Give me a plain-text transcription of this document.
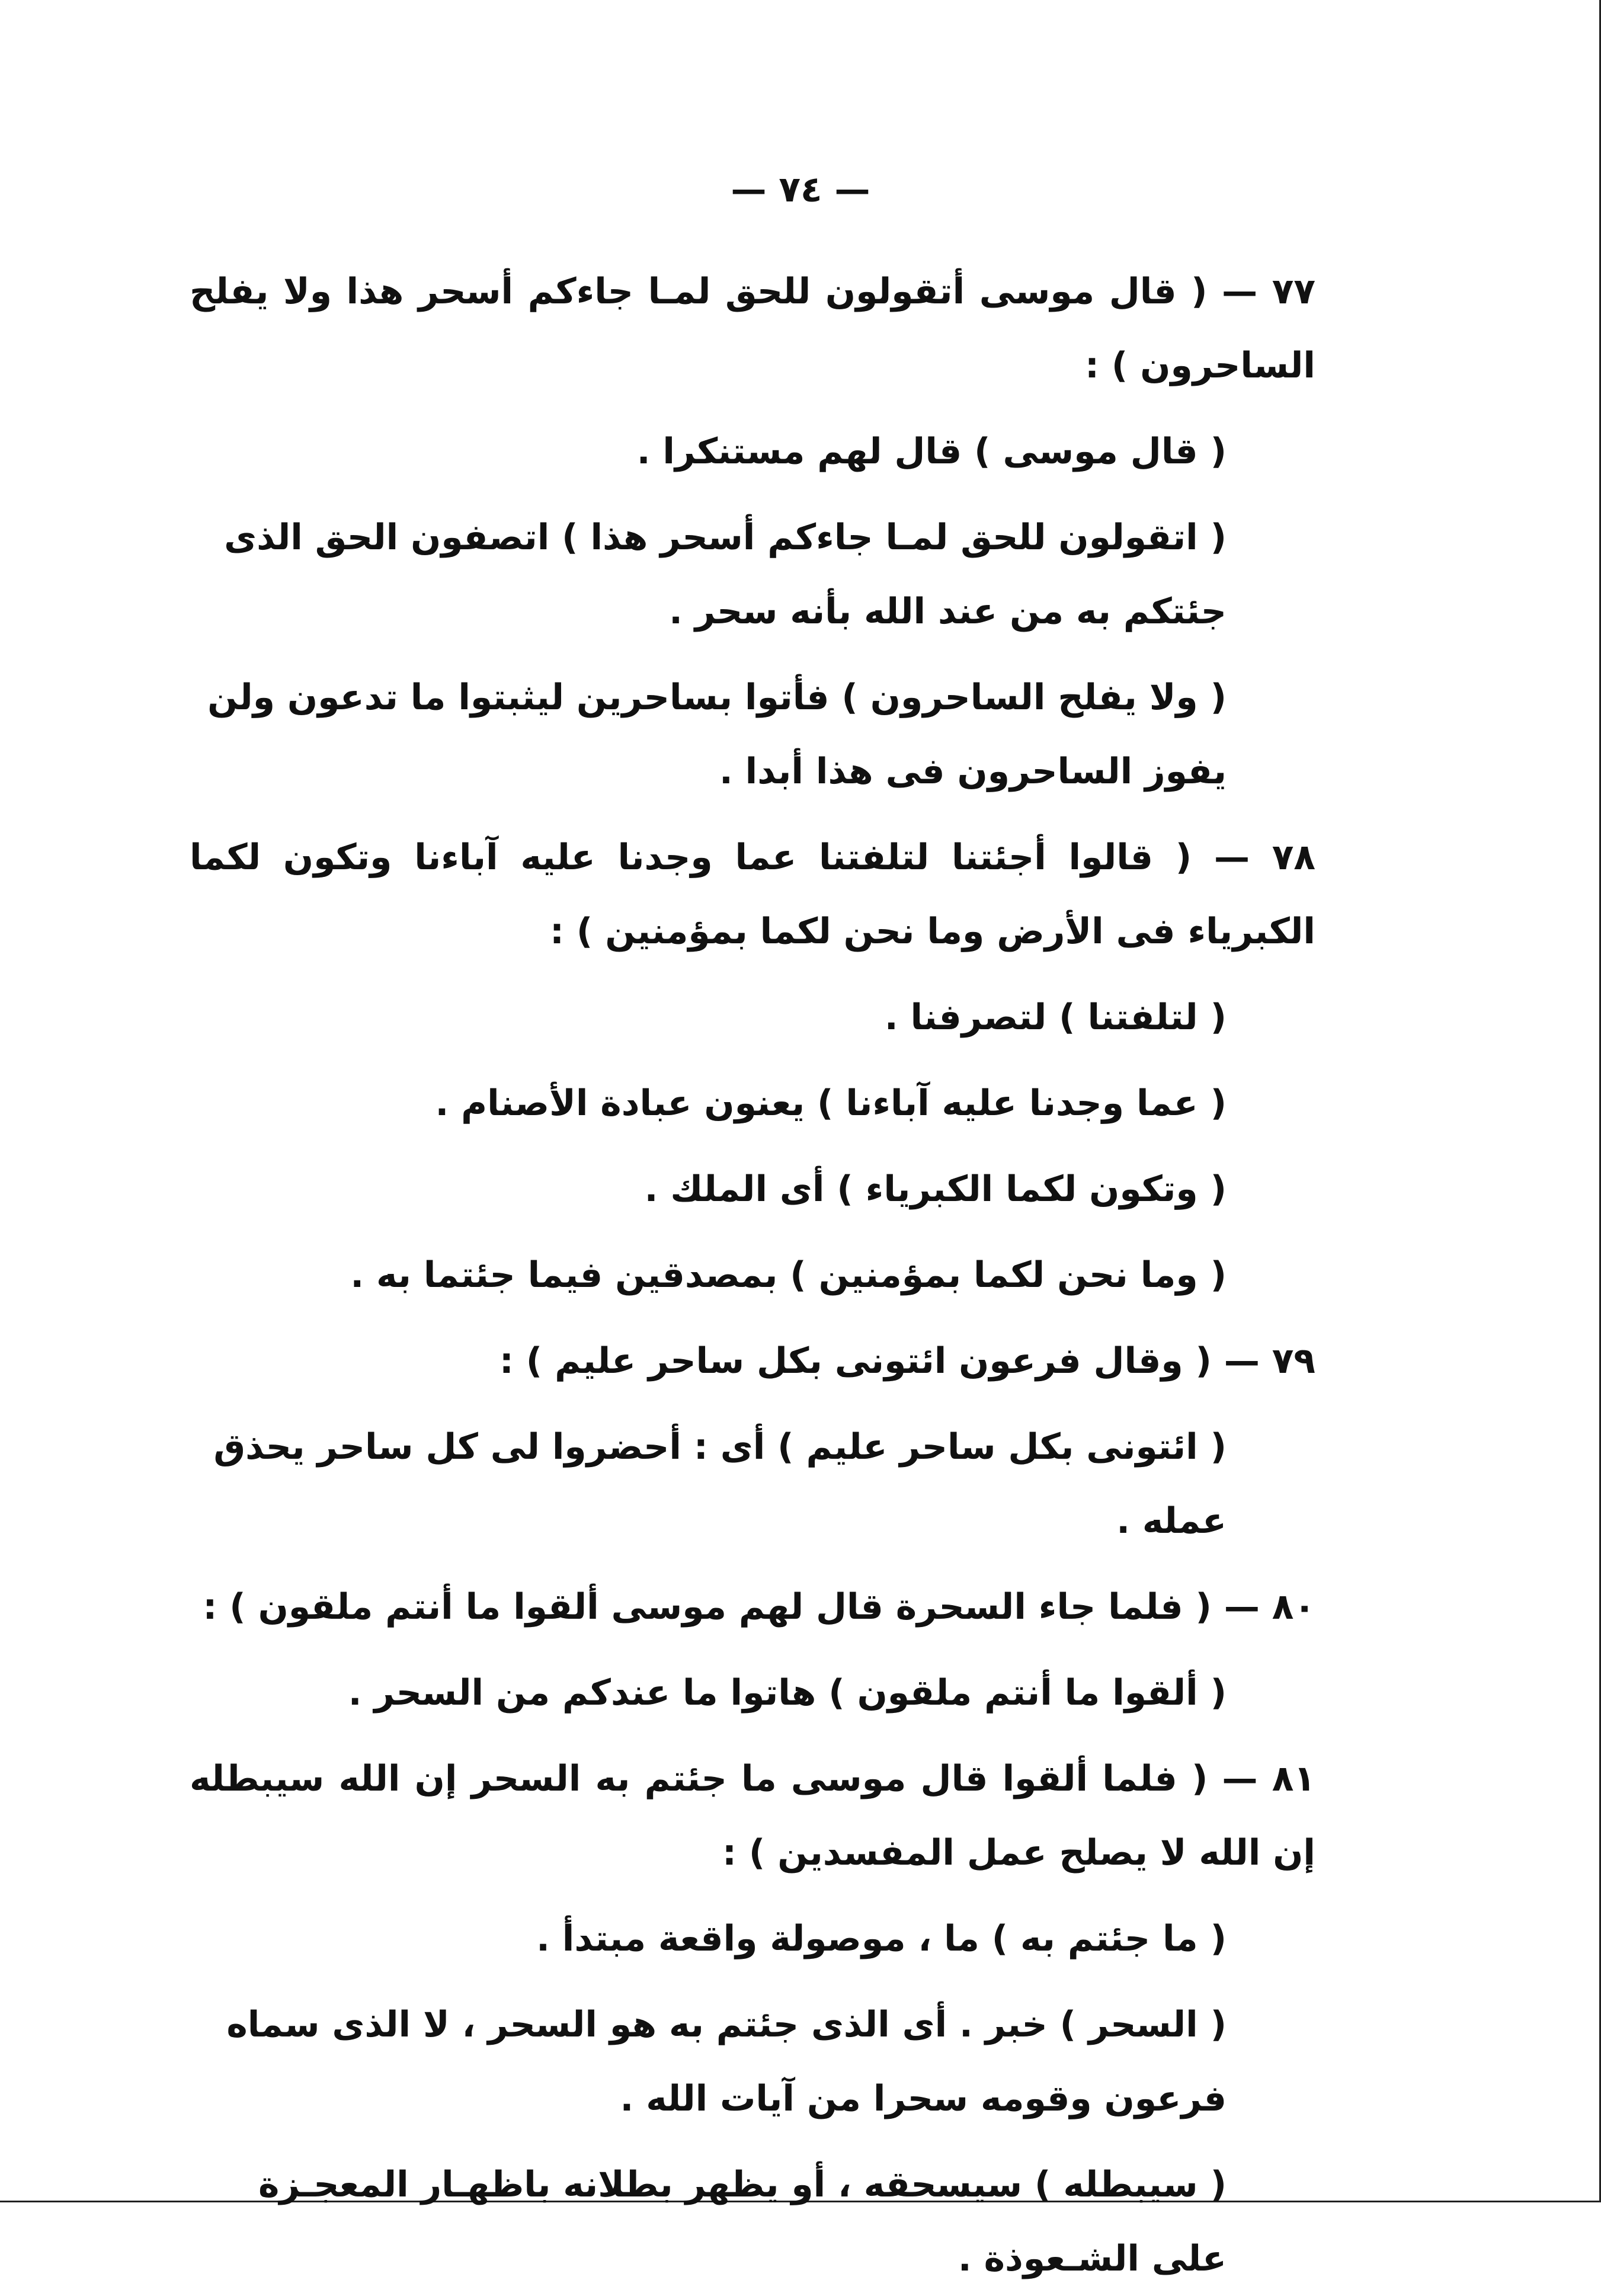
— ٧٤ —

٧٧ — ( قال موسى أتقولون للحق لمـا جاءكم أسحر هذا ولا يفلح الساحرون ) :

( قال موسى ) قال لهم مستنكرا .

( اتقولون للحق لمـا جاءكم أسحر هذا ) اتصفون الحق الذى جئتكم به من عند الله بأنه سحر .

( ولا يفلح الساحرون ) فأتوا بساحرين ليثبتوا ما تدعون ولن يفوز الساحرون فى هذا أبدا .

٧٨ — ( قالوا أجئتنا لتلفتنا عما وجدنا عليه آباءنا وتكون لكما الكبرياء فى الأرض وما نحن لكما بمؤمنين ) :

( لتلفتنا ) لتصرفنا .

( عما وجدنا عليه آباءنا ) يعنون عبادة الأصنام .

( وتكون لكما الكبرياء ) أى الملك .

( وما نحن لكما بمؤمنين ) بمصدقين فيما جئتما به .

٧٩ — ( وقال فرعون ائتونى بكل ساحر عليم ) :

( ائتونى بكل ساحر عليم ) أى : أحضروا لى كل ساحر يحذق عمله .

٨٠ — ( فلما جاء السحرة قال لهم موسى ألقوا ما أنتم ملقون ) :

( ألقوا ما أنتم ملقون ) هاتوا ما عندكم من السحر .

٨١ — ( فلما ألقوا قال موسى ما جئتم به السحر إن الله سيبطله إن الله لا يصلح عمل المفسدين ) :

( ما جئتم به ) ما ، موصولة واقعة مبتدأ .

( السحر ) خبر . أى الذى جئتم به هو السحر ، لا الذى سماه فرعون وقومه سحرا من آيات الله .

( سيبطله ) سيسحقه ، أو يظهر بطلانه باظهـار المعجـزة على الشـعوذة .
